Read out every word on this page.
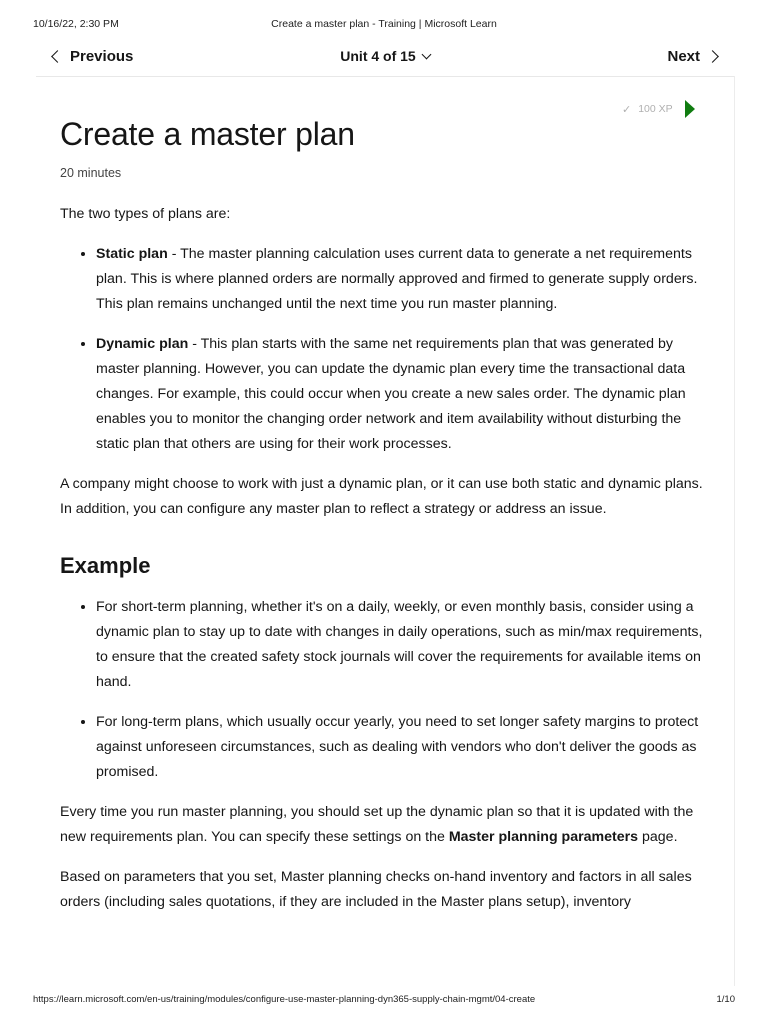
10/16/22, 2:30 PM	Create a master plan - Training | Microsoft Learn
Previous	Unit 4 of 15	Next
✓ 100 XP
Create a master plan
20 minutes

The two types of plans are:

• Static plan - The master planning calculation uses current data to generate a net requirements plan. This is where planned orders are normally approved and firmed to generate supply orders. This plan remains unchanged until the next time you run master planning.
• Dynamic plan - This plan starts with the same net requirements plan that was generated by master planning. However, you can update the dynamic plan every time the transactional data changes. For example, this could occur when you create a new sales order. The dynamic plan enables you to monitor the changing order network and item availability without disturbing the static plan that others are using for their work processes.

A company might choose to work with just a dynamic plan, or it can use both static and dynamic plans. In addition, you can configure any master plan to reflect a strategy or address an issue.

Example
• For short-term planning, whether it's on a daily, weekly, or even monthly basis, consider using a dynamic plan to stay up to date with changes in daily operations, such as min/max requirements, to ensure that the created safety stock journals will cover the requirements for available items on hand.
• For long-term plans, which usually occur yearly, you need to set longer safety margins to protect against unforeseen circumstances, such as dealing with vendors who don't deliver the goods as promised.

Every time you run master planning, you should set up the dynamic plan so that it is updated with the new requirements plan. You can specify these settings on the Master planning parameters page.

Based on parameters that you set, Master planning checks on-hand inventory and factors in all sales orders (including sales quotations, if they are included in the Master plans setup), inventory

https://learn.microsoft.com/en-us/training/modules/configure-use-master-planning-dyn365-supply-chain-mgmt/04-create	1/10
